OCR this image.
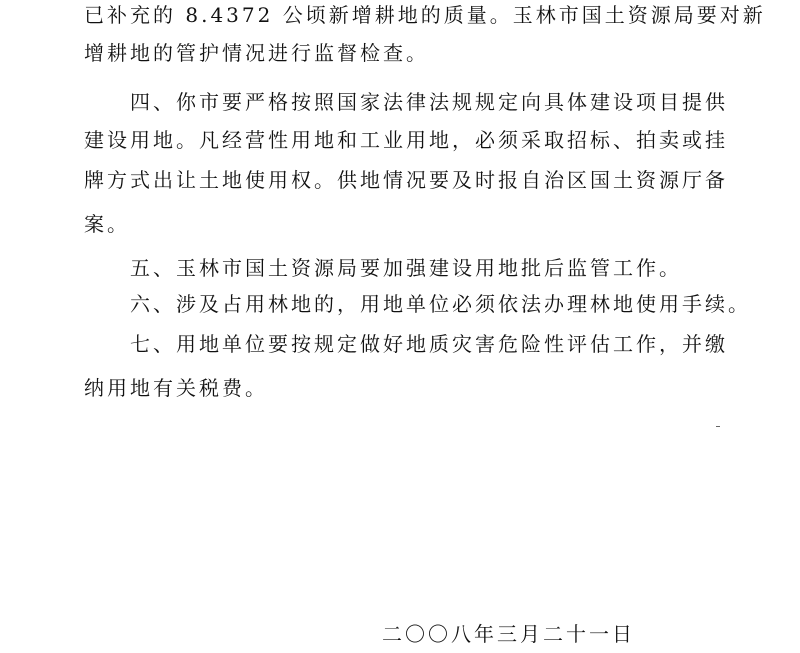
已补充的 8.4372 公顷新增耕地的质量。玉林市国土资源局要对新
增耕地的管护情况进行监督检查。
　　四、你市要严格按照国家法律法规规定向具体建设项目提供
建设用地。凡经营性用地和工业用地，必须采取招标、拍卖或挂
牌方式出让土地使用权。供地情况要及时报自治区国土资源厅备
案。
　　五、玉林市国土资源局要加强建设用地批后监管工作。
　　六、涉及占用林地的，用地单位必须依法办理林地使用手续。
　　七、用地单位要按规定做好地质灾害危险性评估工作，并缴
纳用地有关税费。
二〇〇八年三月二十一日
